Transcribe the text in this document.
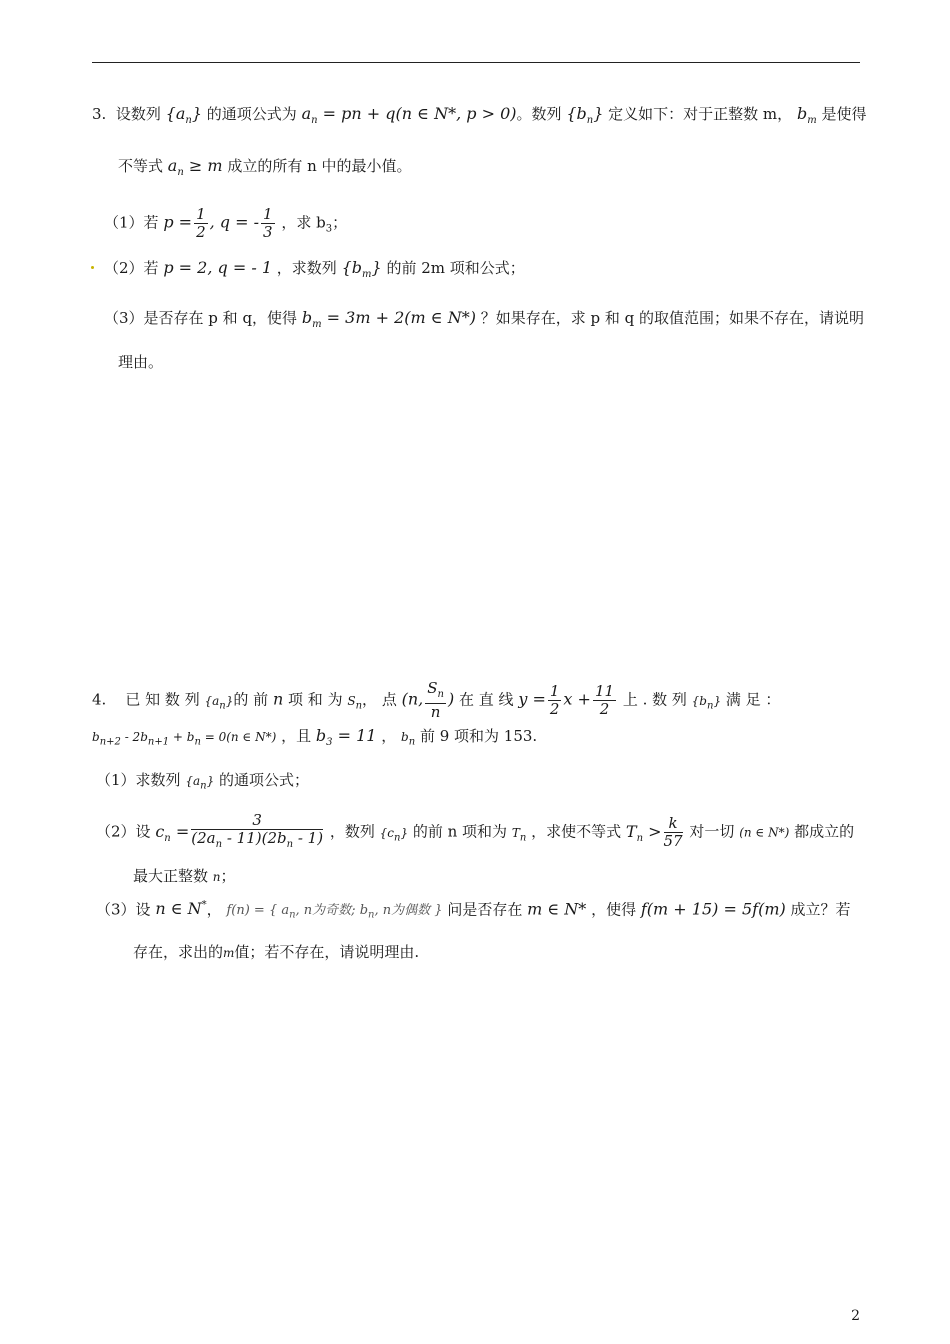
3. 设数列 $\{a_n\}$ 的通项公式为 $a_n$ = pn + q(n ∈ N*, p > 0)。数列 $\{b_n\}$ 定义如下：对于正整数 m， $b_m$ 是使得
不等式 $a_n \ge m$ 成立的所有 n 中的最小值。
（1）若 $p = \frac{1}{2}$ , q = - $\frac{1}{3}$ ，求 $b_3$；
（2）若 p = 2, q = - 1 ，求数列 $\{b_m\}$ 的前 2m 项和公式；
（3）是否存在 p 和 q，使得 $b_m = 3m + 2(m$ ∈ N*) ？如果存在，求 p 和 q 的取值范围；如果不存在，请说明
理由。
4. 已 知 数 列 $\{a_n\}$的 前 n 项 和 为 $S_n$， 点 (n, $\frac{S_n}{n}$ ) 在 直 线 $y = \frac{1}{2}$ $x + \frac{11}{2}$ 上 . 数 列 $\{b_n\}$ 满 足 ：
$b_{n+2} - 2b_{n+1} + b_n = 0(n$ ∈ N*) ，且 $b_3 = 11$ ， $b_n$ 前 9 项和为 153.
（1）求数列 $\{a_n\}$ 的通项公式；
（2）设 $c_n = \frac{3}{(2a_n - 11)(2b_n - 1)}$ ，数列 $\{c_n\}$ 的前 n 项和为 $T_n$ ，求使不等式 $T_n > \frac{k}{57}$ 对一切 (n ∈ N*) 都成立的
最大正整数 n；
（3）设 n ∈ N*， f(n) = { $a_n$, n为奇数; $b_n$, n为偶数 } 问是否存在 m ∈ N* ，使得 f(m + 15) = 5f(m) 成立？若
存在，求出的m值；若不存在，请说明理由.
2
